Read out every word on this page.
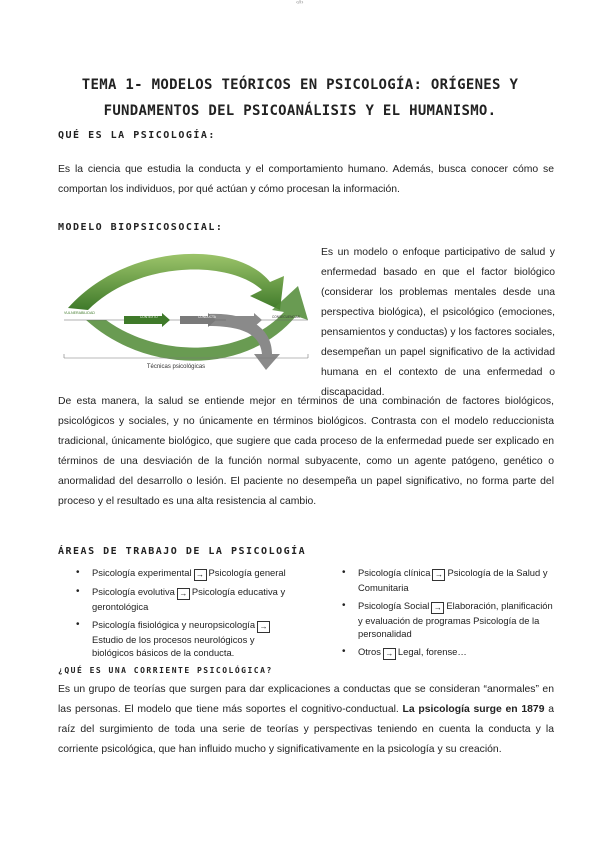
‹#›
TEMA 1- MODELOS TEÓRICOS EN PSICOLOGÍA: ORÍGENES Y FUNDAMENTOS DEL PSICOANÁLISIS Y EL HUMANISMO.
QUÉ ES LA PSICOLOGÍA:
Es la ciencia que estudia la conducta y el comportamiento humano. Además, busca conocer cómo se comportan los individuos, por qué actúan y cómo procesan la información.
MODELO BIOPSICOSOCIAL:
VULNERABILIDAD
CONTEXTO	CONDUCTA	CONSECUENCIAS
Técnicas psicológicas
Es un modelo o enfoque participativo de salud y enfermedad basado en que el factor biológico (considerar los problemas mentales desde una perspectiva biológica), el psicológico (emociones, pensamientos y conductas) y los factores sociales, desempeñan un papel significativo de la actividad humana en el contexto de una enfermedad o discapacidad.
De esta manera, la salud se entiende mejor en términos de una combinación de factores biológicos, psicológicos y sociales, y no únicamente en términos biológicos. Contrasta con el modelo reduccionista tradicional, únicamente biológico, que sugiere que cada proceso de la enfermedad puede ser explicado en términos de una desviación de la función normal subyacente, como un agente patógeno, genético o anormalidad del desarrollo o lesión. El paciente no desempeña un papel significativo, no forma parte del proceso y el resultado es una alta resistencia al cambio.
ÁREAS DE TRABAJO DE LA PSICOLOGÍA
• Psicología experimental → Psicología general
• Psicología evolutiva → Psicología educativa y gerontológica
• Psicología fisiológica y neuropsicología →Estudio de los procesos neurológicos y biológicos básicos de la conducta.
• Psicología clínica → Psicología de la Salud y Comunitaria
• Psicología Social → Elaboración, planificación y evaluación de programas Psicología de la personalidad
• Otros → Legal, forense…
¿QUÉ ES UNA CORRIENTE PSICOLÓGICA?
Es un grupo de teorías que surgen para dar explicaciones a conductas que se consideran “anormales” en las personas. El modelo que tiene más soportes el cognitivo-conductual. La psicología surge en 1879 a raíz del surgimiento de toda una serie de teorías y perspectivas teniendo en cuenta la conducta y la corriente psicológica, que han influido mucho y significativamente en la psicología y su creación.
